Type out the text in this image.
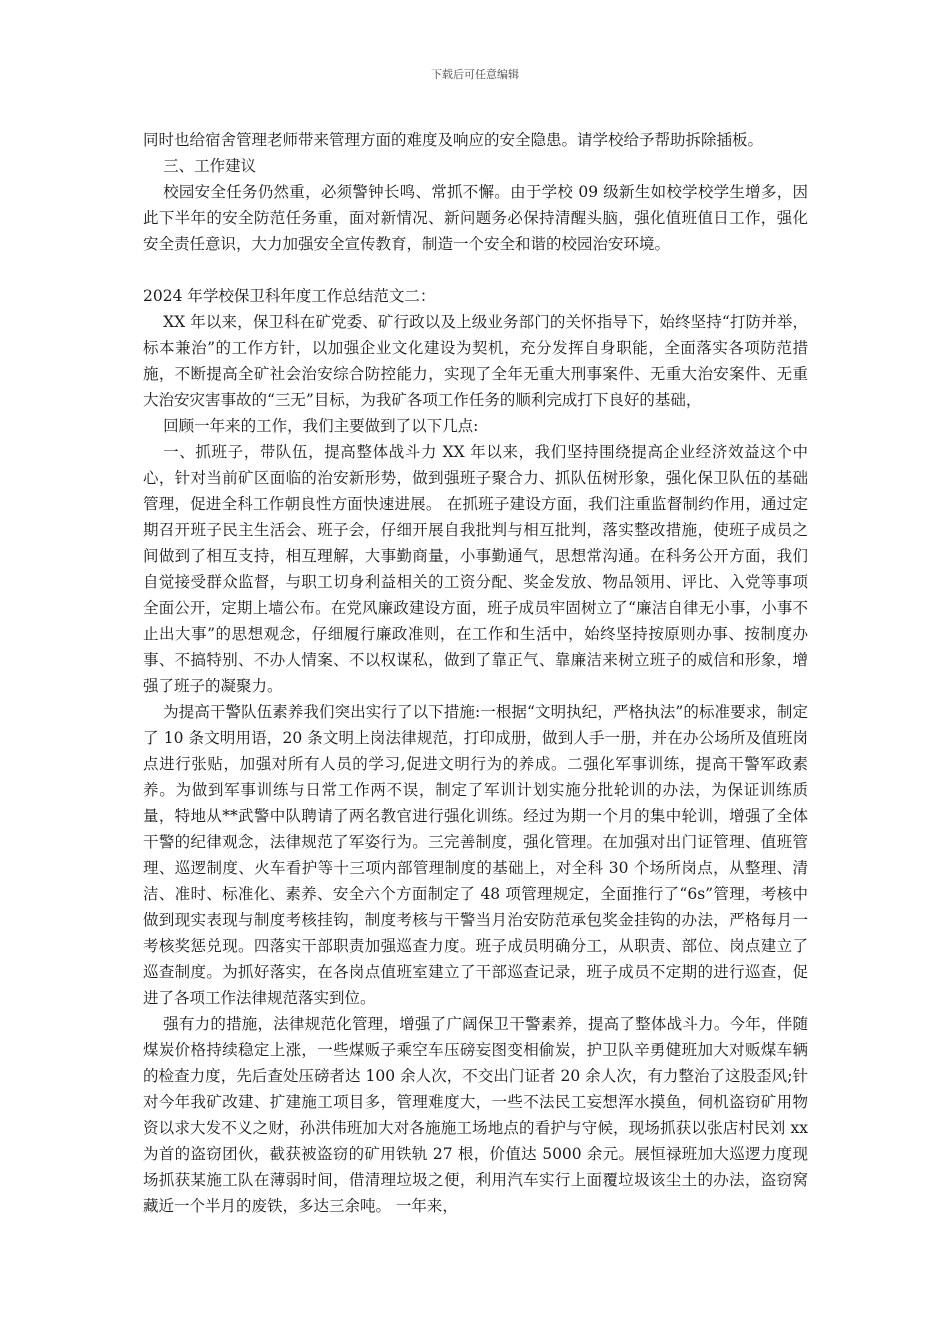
下载后可任意编辑

同时也给宿舍管理老师带来管理方面的难度及响应的安全隐患。请学校给予帮助拆除插板。

三、工作建议

校园安全任务仍然重，必须警钟长鸣、常抓不懈。由于学校 09 级新生如校学校学生增多，因此下半年的安全防范任务重，面对新情况、新问题务必保持清醒头脑，强化值班值日工作，强化安全责任意识，大力加强安全宣传教育，制造一个安全和谐的校园治安环境。

2024 年学校保卫科年度工作总结范文二：

XX 年以来，保卫科在矿党委、矿行政以及上级业务部门的关怀指导下，始终坚持“打防并举，标本兼治”的工作方针，以加强企业文化建设为契机，充分发挥自身职能，全面落实各项防范措施，不断提高全矿社会治安综合防控能力，实现了全年无重大刑事案件、无重大治安案件、无重大治安灾害事故的“三无”目标，为我矿各项工作任务的顺利完成打下良好的基础，

回顾一年来的工作，我们主要做到了以下几点:

一、抓班子，带队伍，提高整体战斗力 XX 年以来，我们坚持围绕提高企业经济效益这个中心，针对当前矿区面临的治安新形势，做到强班子聚合力、抓队伍树形象，强化保卫队伍的基础管理，促进全科工作朝良性方面快速进展。 在抓班子建设方面，我们注重监督制约作用，通过定期召开班子民主生活会、班子会，仔细开展自我批判与相互批判，落实整改措施，使班子成员之间做到了相互支持，相互理解，大事勤商量，小事勤通气，思想常沟通。在科务公开方面，我们自觉接受群众监督，与职工切身利益相关的工资分配、奖金发放、物品领用、评比、入党等事项全面公开，定期上墙公布。在党风廉政建设方面，班子成员牢固树立了“廉洁自律无小事，小事不止出大事”的思想观念，仔细履行廉政准则，在工作和生活中，始终坚持按原则办事、按制度办事、不搞特别、不办人情案、不以权谋私，做到了靠正气、靠廉洁来树立班子的威信和形象，增强了班子的凝聚力。

为提高干警队伍素养我们突出实行了以下措施:一根据“文明执纪，严格执法”的标准要求，制定了 10 条文明用语，20 条文明上岗法律规范，打印成册，做到人手一册，并在办公场所及值班岗点进行张贴，加强对所有人员的学习,促进文明行为的养成。二强化军事训练，提高干警军政素养。为做到军事训练与日常工作两不误，制定了军训计划实施分批轮训的办法，为保证训练质量，特地从**武警中队聘请了两名教官进行强化训练。经过为期一个月的集中轮训，增强了全体干警的纪律观念，法律规范了军姿行为。三完善制度，强化管理。在加强对出门证管理、值班管理、巡逻制度、火车看护等十三项内部管理制度的基础上，对全科 30 个场所岗点，从整理、清洁、准时、标准化、素养、安全六个方面制定了 48 项管理规定，全面推行了“6s”管理，考核中做到现实表现与制度考核挂钩，制度考核与干警当月治安防范承包奖金挂钩的办法，严格每月一考核奖惩兑现。四落实干部职责加强巡查力度。班子成员明确分工，从职责、部位、岗点建立了巡查制度。为抓好落实，在各岗点值班室建立了干部巡查记录，班子成员不定期的进行巡查，促进了各项工作法律规范落实到位。

强有力的措施，法律规范化管理，增强了广阔保卫干警素养，提高了整体战斗力。今年，伴随煤炭价格持续稳定上涨，一些煤贩子乘空车压磅妄图变相偷炭，护卫队辛勇健班加大对贩煤车辆的检查力度，先后查处压磅者达 100 余人次，不交出门证者 20 余人次，有力整治了这股歪风;针对今年我矿改建、扩建施工项目多，管理难度大，一些不法民工妄想浑水摸鱼，伺机盗窃矿用物资以求大发不义之财，孙洪伟班加大对各施施工场地点的看护与守候，现场抓获以张店村民刘 xx 为首的盗窃团伙，截获被盗窃的矿用铁轨 27 根，价值达 5000 余元。展恒禄班加大巡逻力度现场抓获某施工队在薄弱时间，借清理垃圾之便，利用汽车实行上面覆垃圾该尘土的办法，盗窃窝藏近一个半月的废铁，多达三余吨。 一年来，
